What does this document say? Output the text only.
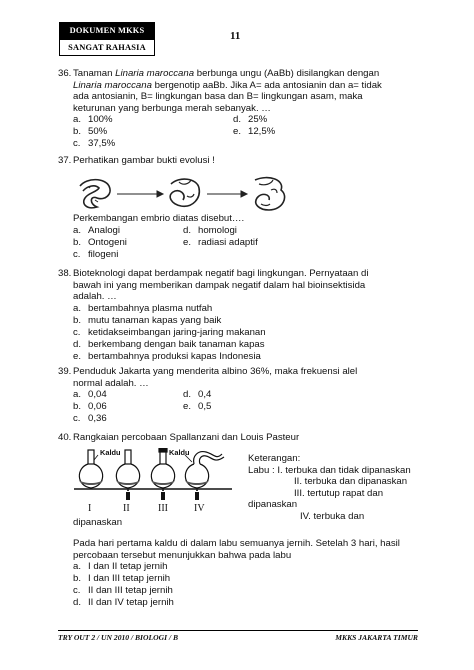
DOKUMEN MKKS
SANGAT RAHASIA
11
36. Tanaman Linaria maroccana berbunga ungu (AaBb) disilangkan dengan
Linaria maroccana bergenotip aaBb. Jika A= ada antosianin dan a= tidak
ada antosianin, B= lingkungan basa dan B= lingkungan asam, maka
keturunan yang berbunga merah sebanyak. …
a. 100%	d. 25%
b. 50%	e. 12,5%
c. 37,5%
37. Perhatikan gambar bukti evolusi !
Perkembangan embrio diatas disebut….
a. Analogi	d. homologi
b. Ontogeni	e. radiasi adaptif
c. filogeni
38. Bioteknologi dapat berdampak negatif bagi lingkungan. Pernyataan di
bawah ini yang memberikan dampak negatif dalam hal bioinsektisida
adalah. …
a. bertambahnya plasma nutfah
b. mutu tanaman kapas yang baik
c. ketidakseimbangan jaring-jaring makanan
d. berkembang dengan baik tanaman kapas
e. bertambahnya produksi kapas Indonesia
39. Penduduk Jakarta yang menderita albino 36%, maka frekuensi alel
normal adalah. …
a. 0,04	d. 0,4
b. 0,06	e. 0,5
c. 0,36
40. Rangkaian percobaan Spallanzani dan Louis Pasteur
Kaldu	Kaldu
I	II	III	IV
Keterangan:
Labu : I. terbuka dan tidak dipanaskan
II. terbuka dan dipanaskan
III. tertutup rapat dan
dipanaskan
IV. terbuka dan
dipanaskan
Pada hari pertama kaldu di dalam labu semuanya jernih. Setelah 3 hari, hasil
percobaan tersebut menunjukkan bahwa pada labu
a. I dan II tetap jernih
b. I dan III tetap jernih
c. II dan III tetap jernih
d. II dan IV tetap jernih
TRY OUT 2 / UN 2010 / BIOLOGI / B	MKKS JAKARTA TIMUR
